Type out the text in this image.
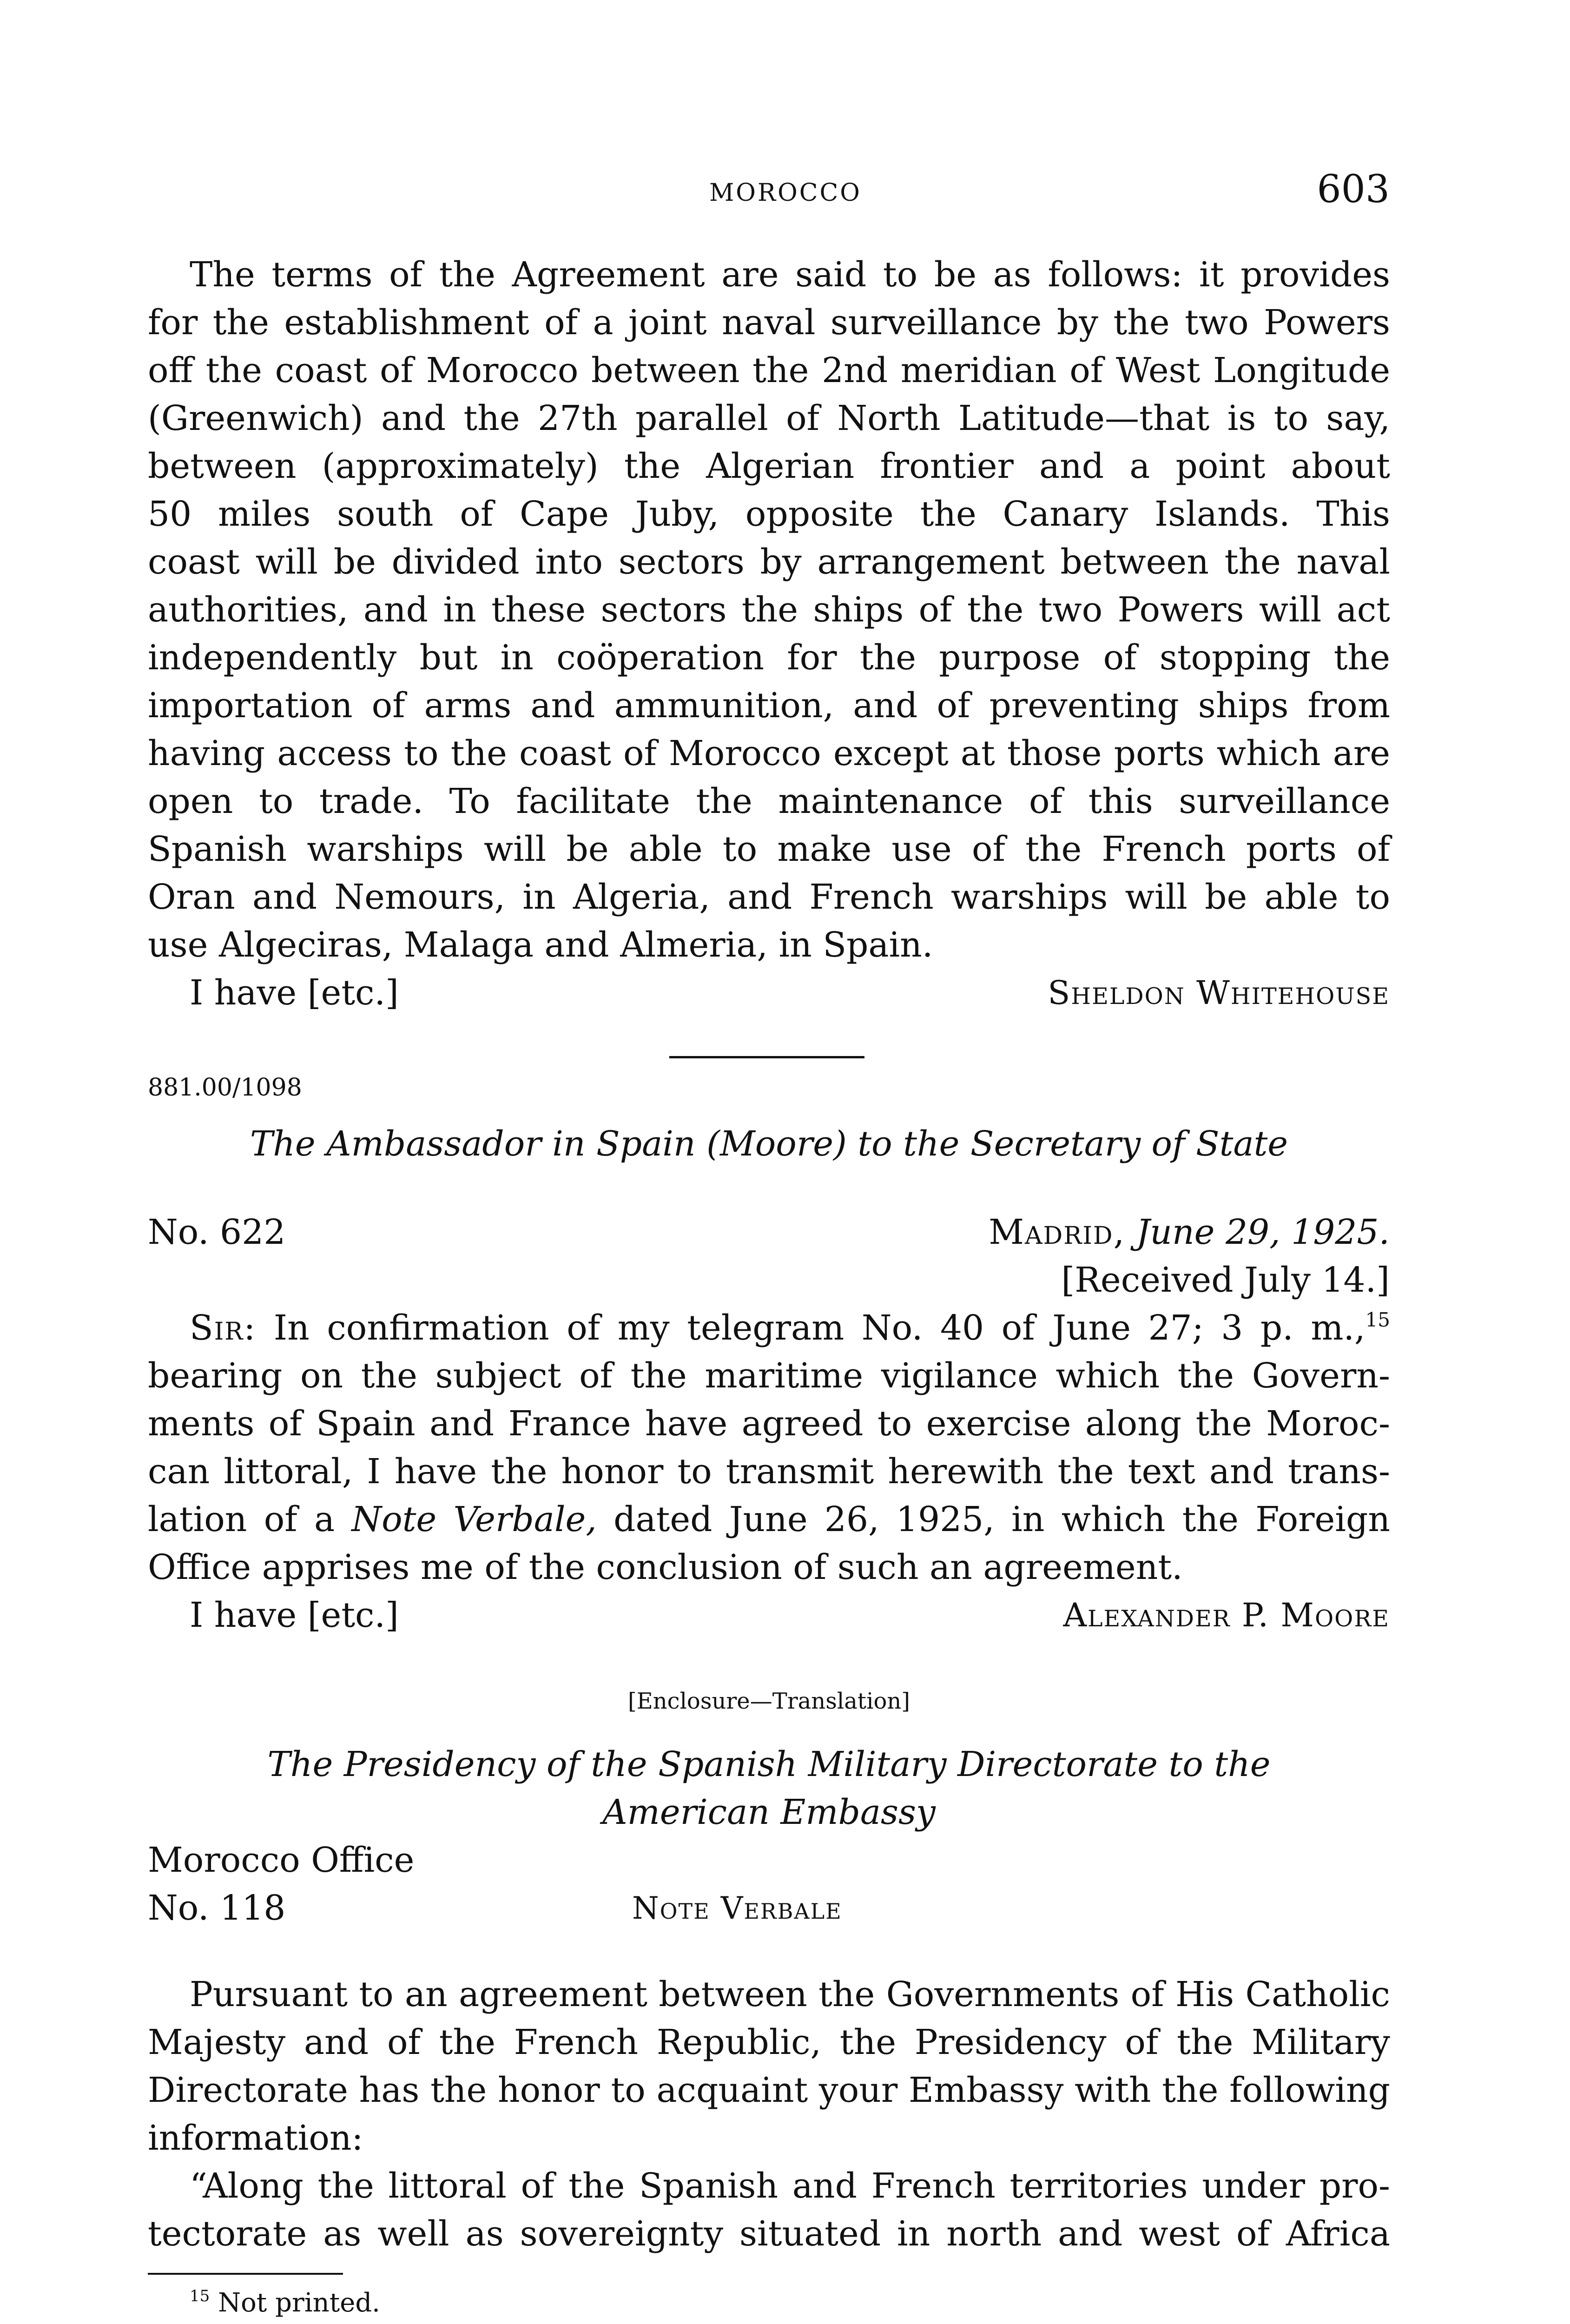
MOROCCO	603
The terms of the Agreement are said to be as follows: it provides
for the establishment of a joint naval surveillance by the two Powers
off the coast of Morocco between the 2nd meridian of West Longitude
(Greenwich) and the 27th parallel of North Latitude—that is to say,
between (approximately) the Algerian frontier and a point about
50 miles south of Cape Juby, opposite the Canary Islands. This
coast will be divided into sectors by arrangement between the naval
authorities, and in these sectors the ships of the two Powers will act
independently but in coöperation for the purpose of stopping the
importation of arms and ammunition, and of preventing ships from
having access to the coast of Morocco except at those ports which are
open to trade. To facilitate the maintenance of this surveillance
Spanish warships will be able to make use of the French ports of
Oran and Nemours, in Algeria, and French warships will be able to
use Algeciras, Malaga and Almeria, in Spain.
I have [etc.]	Sheldon Whitehouse
881.00/1098
The Ambassador in Spain (Moore) to the Secretary of State
No. 622	Madrid, June 29, 1925.
[Received July 14.]
Sir: In confirmation of my telegram No. 40 of June 27; 3 p. m.,$^{15}$
bearing on the subject of the maritime vigilance which the Govern-
ments of Spain and France have agreed to exercise along the Moroc-
can littoral, I have the honor to transmit herewith the text and trans-
lation of a Note Verbale, dated June 26, 1925, in which the Foreign
Office apprises me of the conclusion of such an agreement.
I have [etc.]	Alexander P. Moore
[Enclosure—Translation]
The Presidency of the Spanish Military Directorate to the
American Embassy
Morocco Office
No. 118	Note Verbale
Pursuant to an agreement between the Governments of His Catholic
Majesty and of the French Republic, the Presidency of the Military
Directorate has the honor to acquaint your Embassy with the following
information:
“Along the littoral of the Spanish and French territories under pro-
tectorate as well as sovereignty situated in north and west of Africa
$^{15}$ Not printed.
